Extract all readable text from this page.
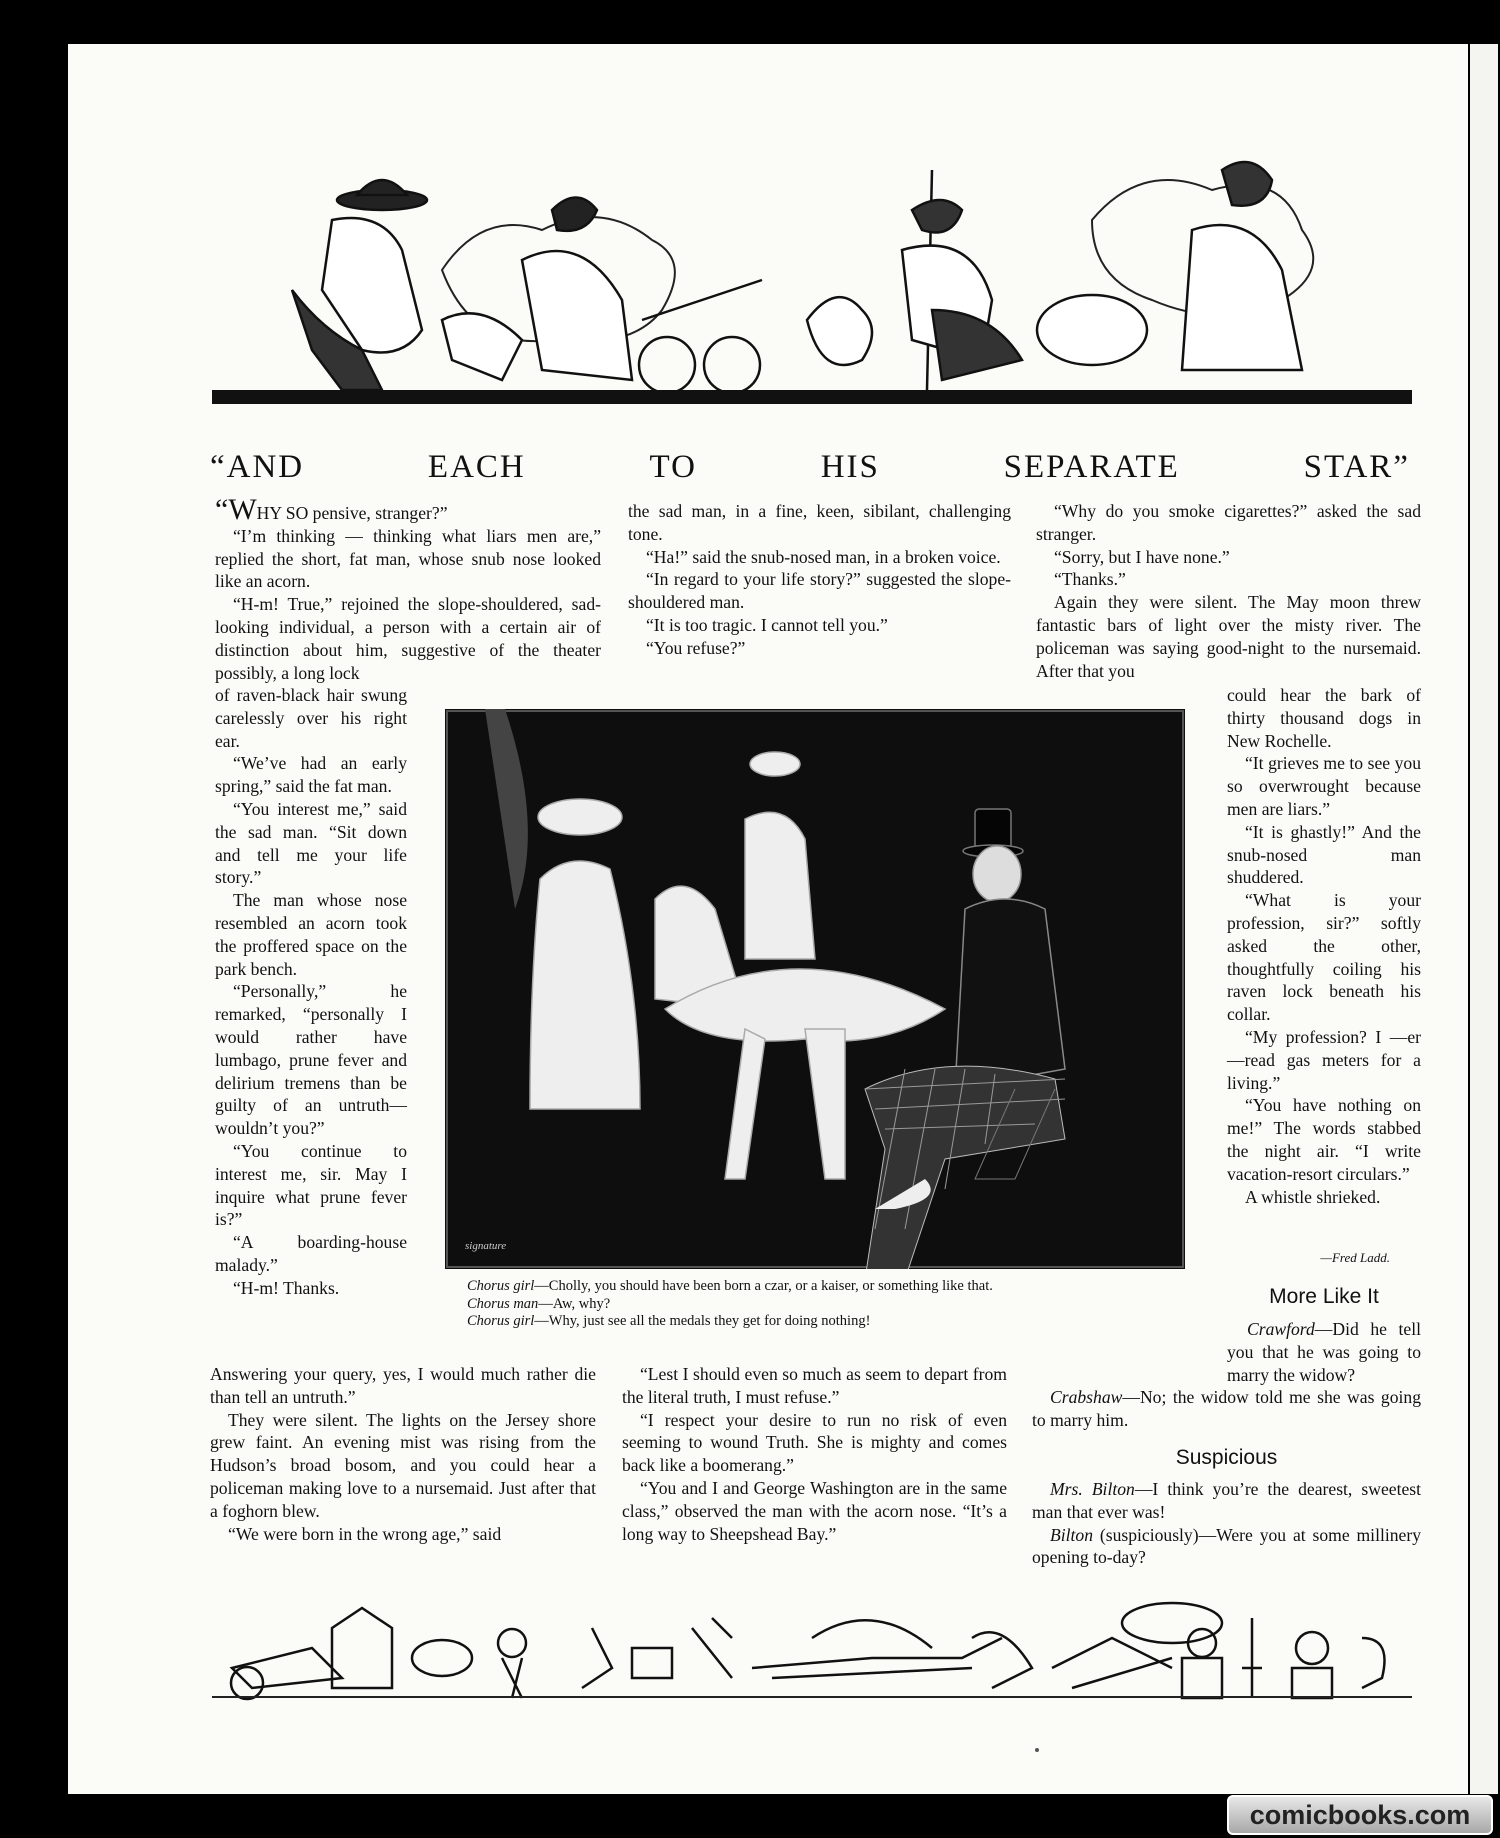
“AND	EACH	TO	HIS	SEPARATE	STAR”

“WHY SO pensive, stranger?”

“I’m thinking — thinking what liars men are,” replied the short, fat man, whose snub nose looked like an acorn.

“H-m! True,” rejoined the slope-shouldered, sad-looking individual, a person with a certain air of distinction about him, suggestive of the theater possibly, a long lock

of raven-black hair swung carelessly over his right ear.

“We’ve had an early spring,” said the fat man.

“You interest me,” said the sad man. “Sit down and tell me your life story.”

The man whose nose resembled an acorn took the proffered space on the park bench.

“Personally,” he remarked, “personally I would rather have lumbago, prune fever and delirium tremens than be guilty of an untruth—wouldn’t you?”

“You continue to interest me, sir. May I inquire what prune fever is?”

“A boarding-house malady.”

“H-m! Thanks.

Answering your query, yes, I would much rather die than tell an untruth.”

They were silent. The lights on the Jersey shore grew faint. An evening mist was rising from the Hudson’s broad bosom, and you could hear a policeman making love to a nursemaid. Just after that a foghorn blew.

“We were born in the wrong age,” said

the sad man, in a fine, keen, sibilant, challenging tone.

“Ha!” said the snub-nosed man, in a broken voice.

“In regard to your life story?” suggested the slope-shouldered man.

“It is too tragic. I cannot tell you.”

“You refuse?”

“Lest I should even so much as seem to depart from the literal truth, I must refuse.”

“I respect your desire to run no risk of even seeming to wound Truth. She is mighty and comes back like a boomerang.”

“You and I and George Washington are in the same class,” observed the man with the acorn nose. “It’s a long way to Sheepshead Bay.”

“Why do you smoke cigarettes?” asked the sad stranger.

“Sorry, but I have none.”

“Thanks.”

Again they were silent. The May moon threw fantastic bars of light over the misty river. The policeman was saying good-night to the nursemaid. After that you

could hear the bark of thirty thousand dogs in New Rochelle.

“It grieves me to see you so overwrought because men are liars.”

“It is ghastly!” And the snub-nosed man shuddered.

“What is your profession, sir?” softly asked the other, thoughtfully coiling his raven lock beneath his collar.

“My profession? I —er—read gas meters for a living.”

“You have nothing on me!” The words stabbed the night air. “I write vacation-resort circulars.”

A whistle shrieked.

—Fred Ladd.
signature
Chorus girl—Cholly, you should have been born a czar, or a kaiser, or something like that.
Chorus man—Aw, why?
Chorus girl—Why, just see all the medals they get for doing nothing!
More Like It

Crawford—Did he tell you that he was going to marry the widow?

Crabshaw—No; the widow told me she was going to marry him.

Suspicious

Mrs. Bilton—I think you’re the dearest, sweetest man that ever was!

Bilton (suspiciously)—Were you at some millinery opening to-day?

comicbooks.com
